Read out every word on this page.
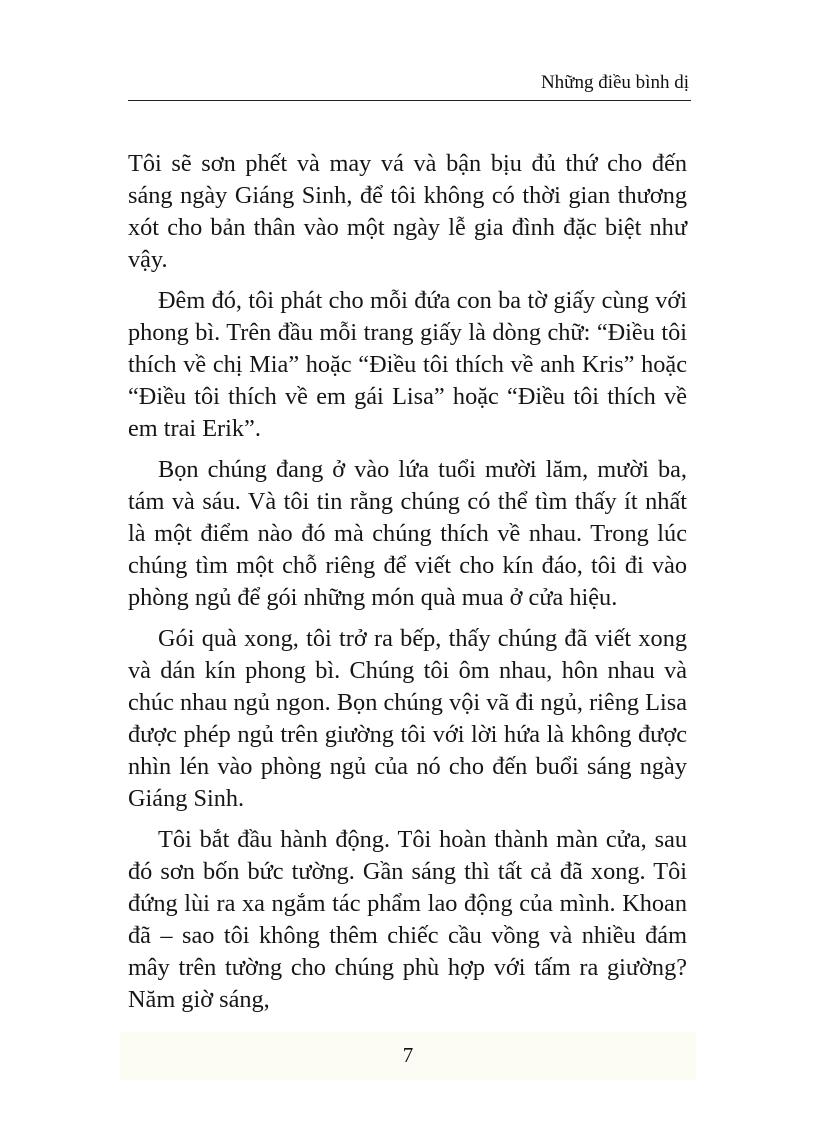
Những điều bình dị

Tôi sẽ sơn phết và may vá và bận bịu đủ thứ cho đến sáng ngày Giáng Sinh, để tôi không có thời gian thương xót cho bản thân vào một ngày lễ gia đình đặc biệt như vậy.

Đêm đó, tôi phát cho mỗi đứa con ba tờ giấy cùng với phong bì. Trên đầu mỗi trang giấy là dòng chữ: “Điều tôi thích về chị Mia” hoặc “Điều tôi thích về anh Kris” hoặc “Điều tôi thích về em gái Lisa” hoặc “Điều tôi thích về em trai Erik”.

Bọn chúng đang ở vào lứa tuổi mười lăm, mười ba, tám và sáu. Và tôi tin rằng chúng có thể tìm thấy ít nhất là một điểm nào đó mà chúng thích về nhau. Trong lúc chúng tìm một chỗ riêng để viết cho kín đáo, tôi đi vào phòng ngủ để gói những món quà mua ở cửa hiệu.

Gói quà xong, tôi trở ra bếp, thấy chúng đã viết xong và dán kín phong bì. Chúng tôi ôm nhau, hôn nhau và chúc nhau ngủ ngon. Bọn chúng vội vã đi ngủ, riêng Lisa được phép ngủ trên giường tôi với lời hứa là không được nhìn lén vào phòng ngủ của nó cho đến buổi sáng ngày Giáng Sinh.

Tôi bắt đầu hành động. Tôi hoàn thành màn cửa, sau đó sơn bốn bức tường. Gần sáng thì tất cả đã xong. Tôi đứng lùi ra xa ngắm tác phẩm lao động của mình. Khoan đã – sao tôi không thêm chiếc cầu vồng và nhiều đám mây trên tường cho chúng phù hợp với tấm ra giường? Năm giờ sáng,

7
